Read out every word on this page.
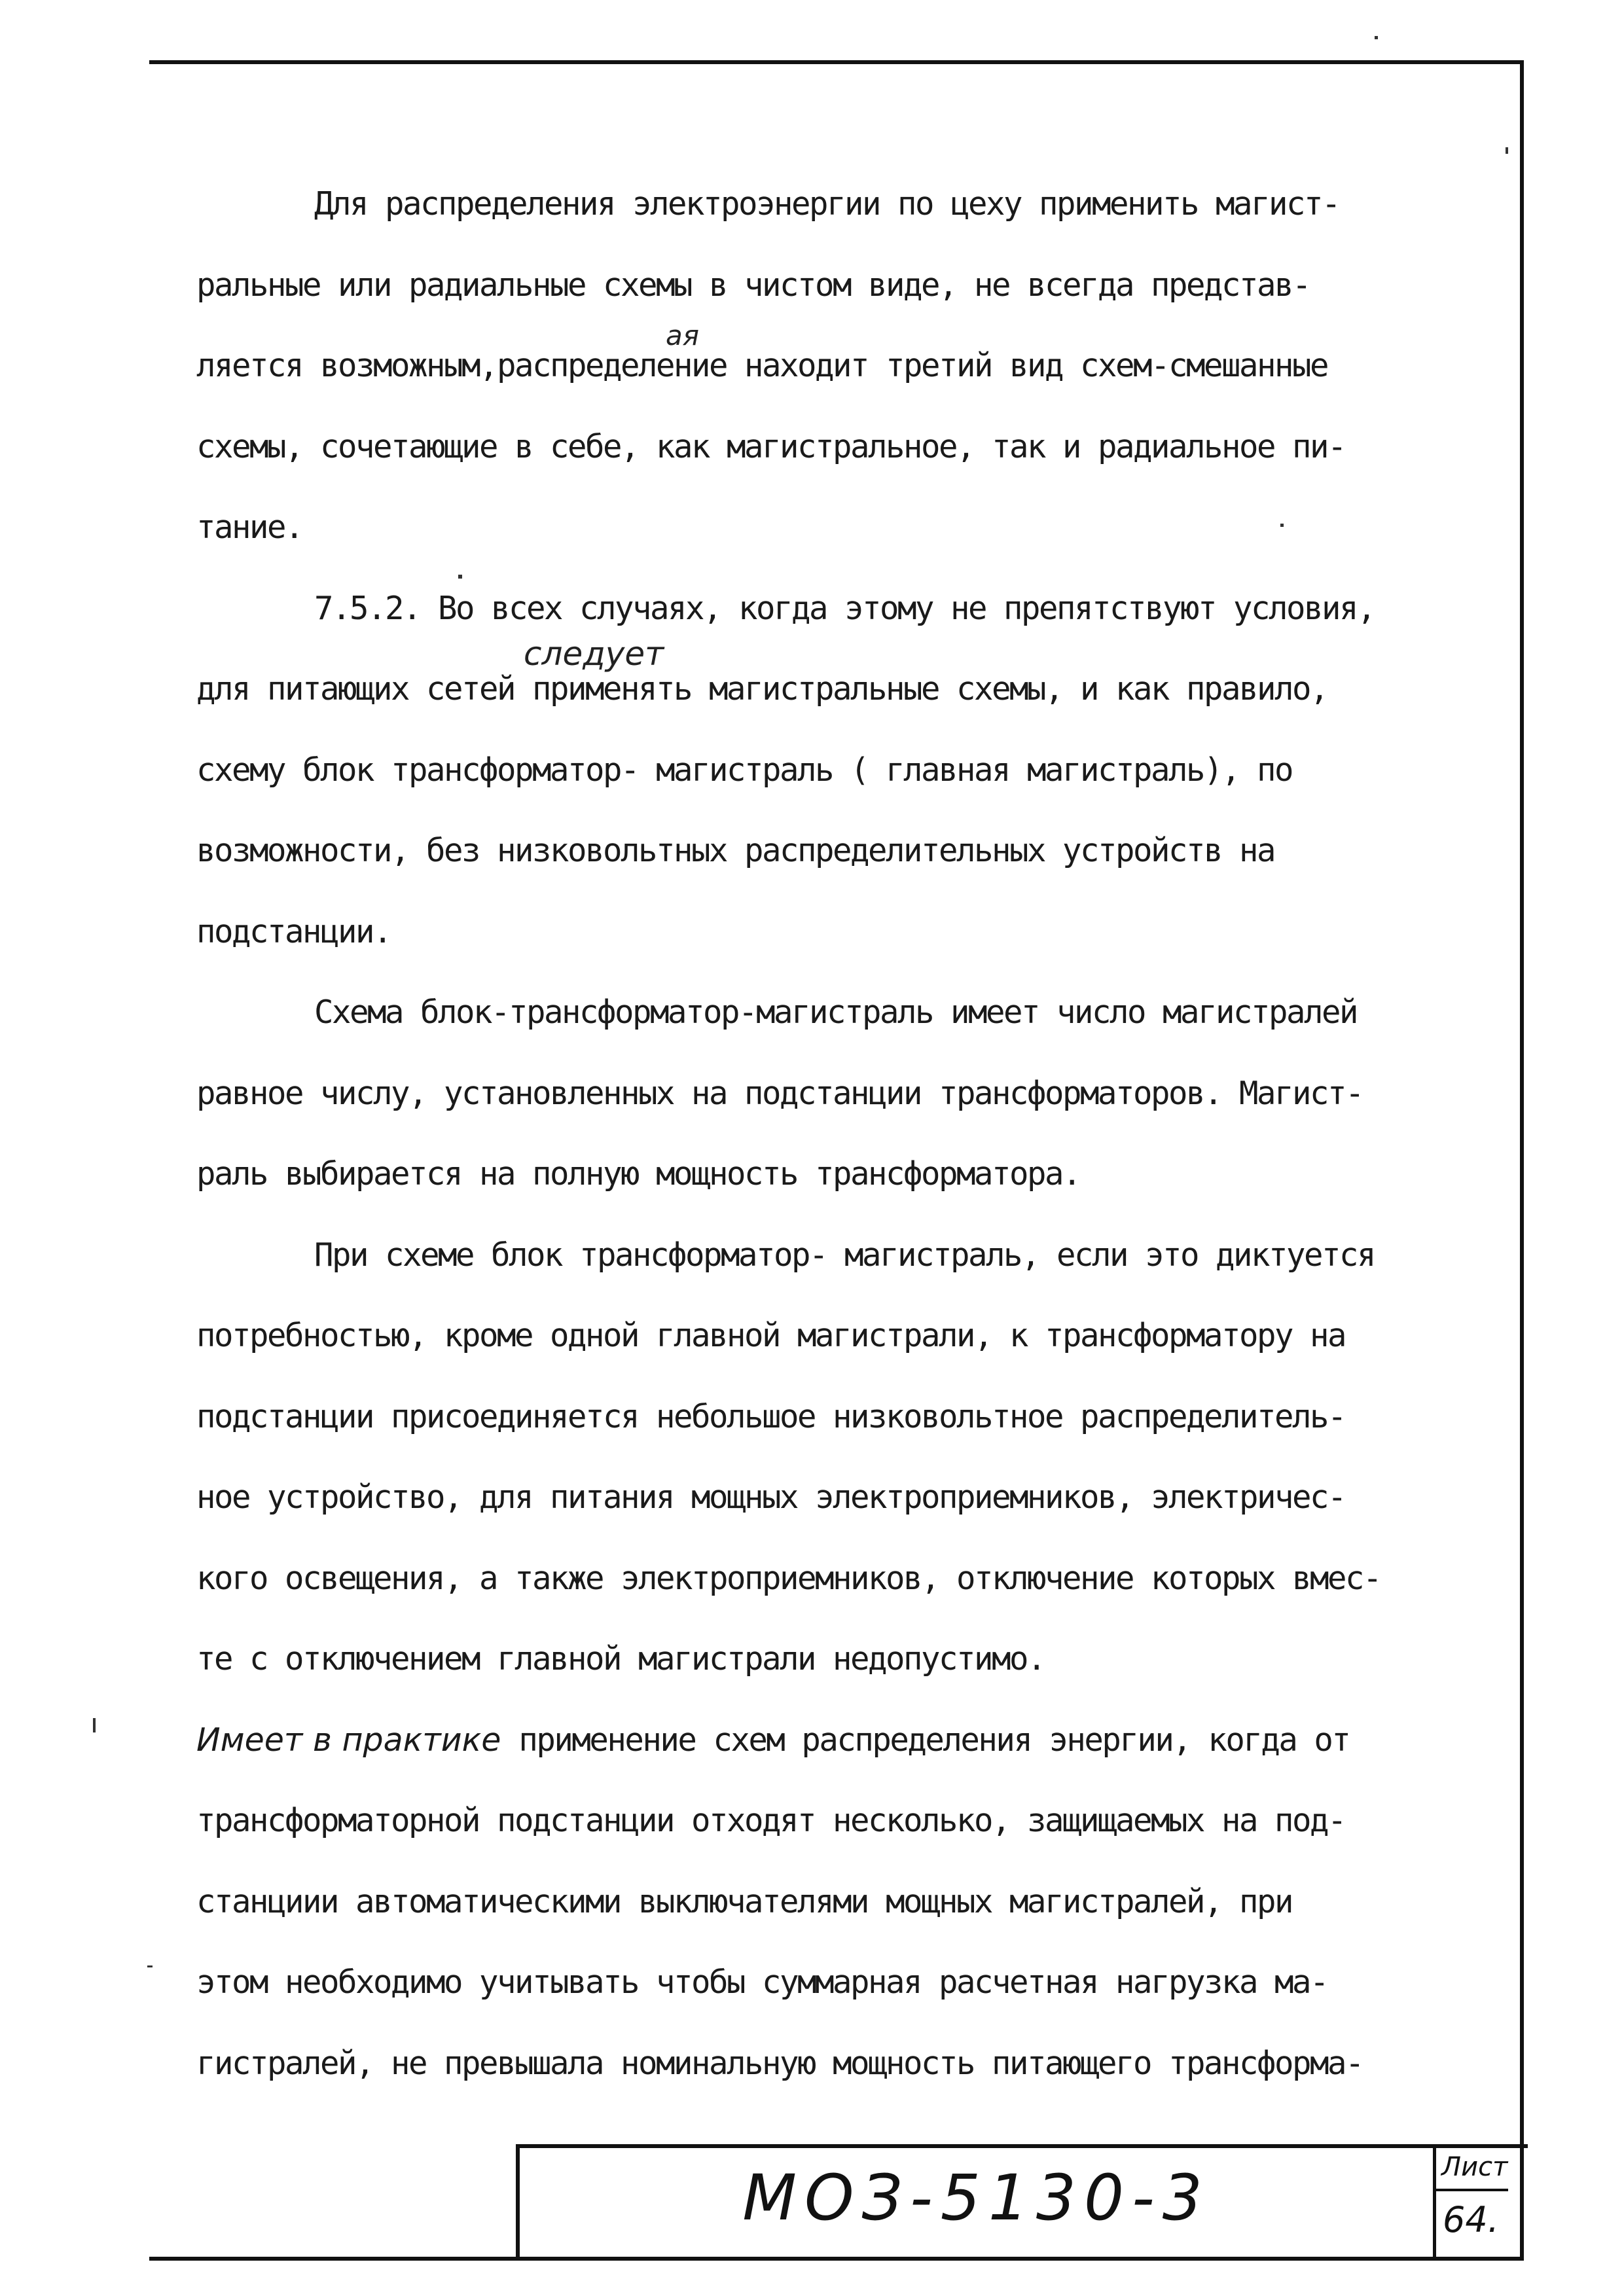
ая
следует
Для распределения электроэнергии по цеху применить магист-
ральные или радиальные схемы в чистом виде, не всегда представ-
ляется возможным,распределение находит третий вид схем-смешанные
схемы, сочетающие в себе, как магистральное, так и радиальное пи-
тание.
7.5.2. Во всех случаях, когда этому не препятствуют условия,
для питающих сетей применять магистральные схемы, и как правило,
схему блок трансформатор- магистраль ( главная магистраль), по
возможности, без низковольтных распределительных устройств на
подстанции.
Схема блок-трансформатор-магистраль имеет число магистралей
равное числу, установленных на подстанции трансформаторов. Магист-
раль выбирается на полную мощность трансформатора.
При схеме блок трансформатор- магистраль, если это диктуется
потребностью, кроме одной главной магистрали, к трансформатору на
подстанции присоединяется небольшое низковольтное распределитель-
ное устройство, для питания мощных электроприемников, электричес-
кого освещения, а также электроприемников, отключение которых вмес-
те с отключением главной магистрали недопустимо.
Имеет в практике применение схем распределения энергии, когда от
трансформаторной подстанции отходят несколько, защищаемых на под-
станциии автоматическими выключателями мощных магистралей, при
этом необходимо учитывать чтобы суммарная расчетная нагрузка ма-
гистралей, не превышала номинальную мощность питающего трансформа-
МОЗ-5130-3	Лист
64.
